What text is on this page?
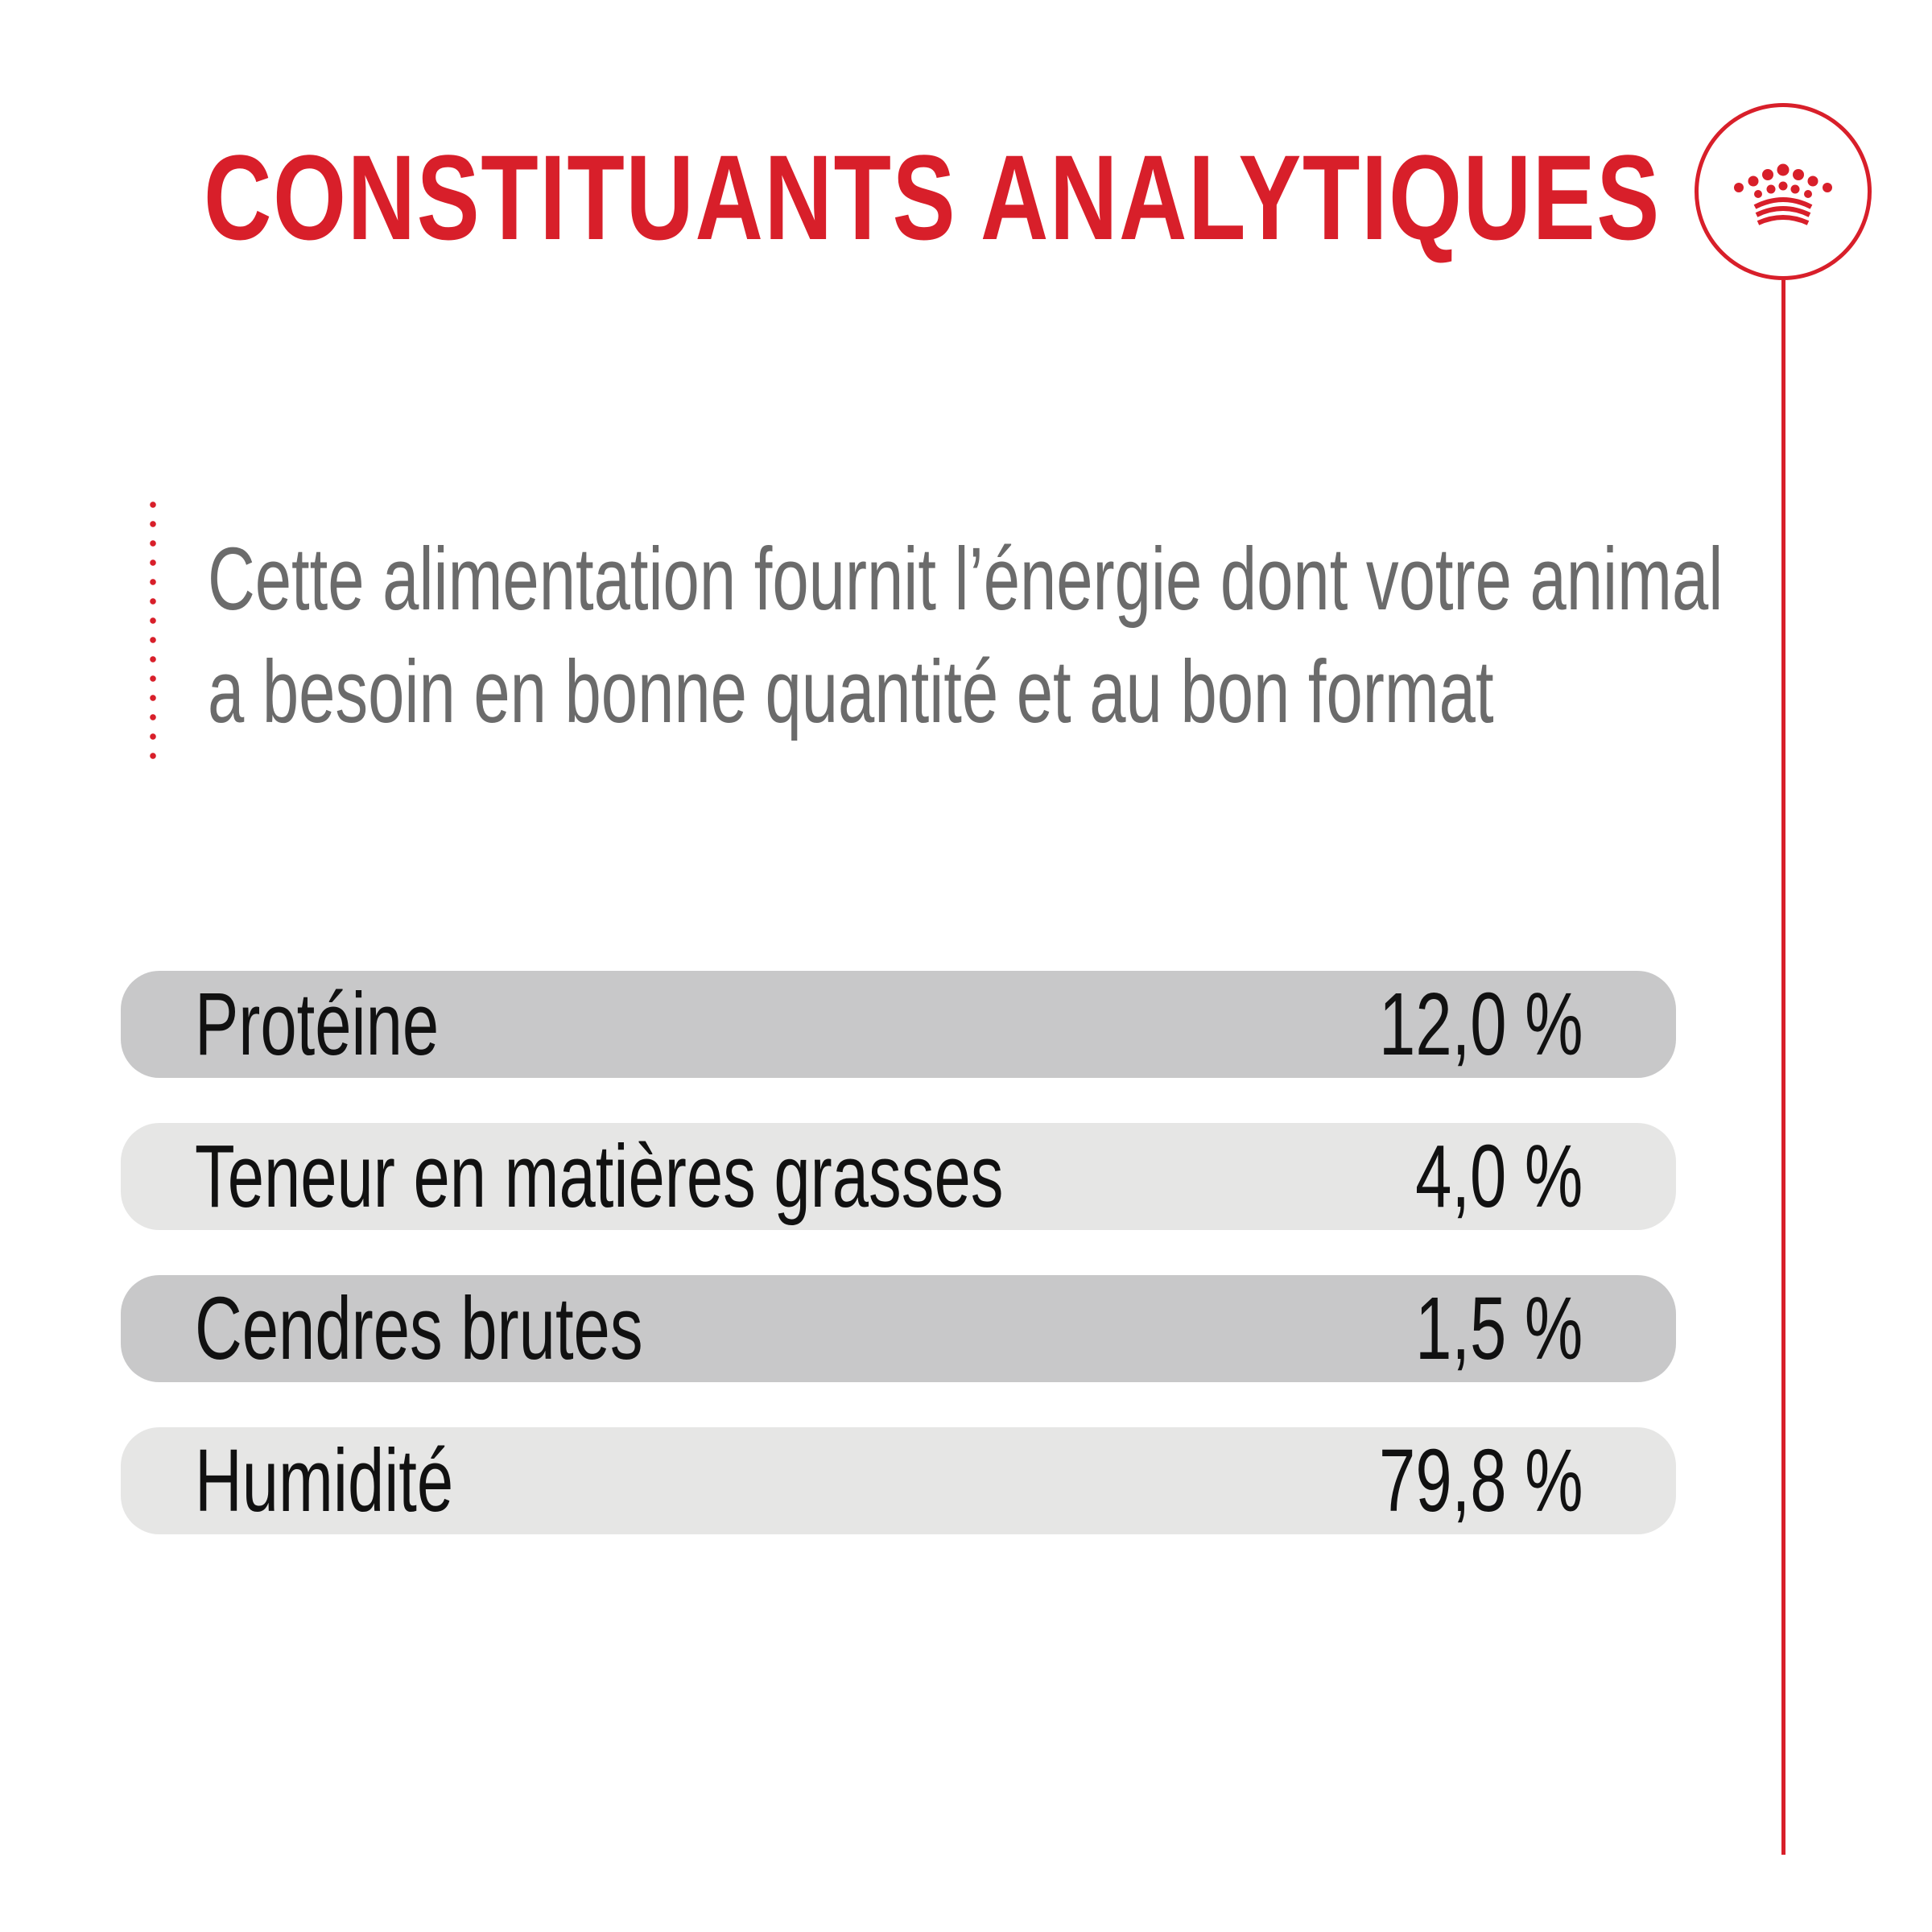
CONSTITUANTS ANALYTIQUES
Cette alimentation fournit l’énergie dont votre animal
a besoin en bonne quantité et au bon format
Protéine	12,0 %
Teneur en matières grasses	4,0 %
Cendres brutes	1,5 %
Humidité	79,8 %
